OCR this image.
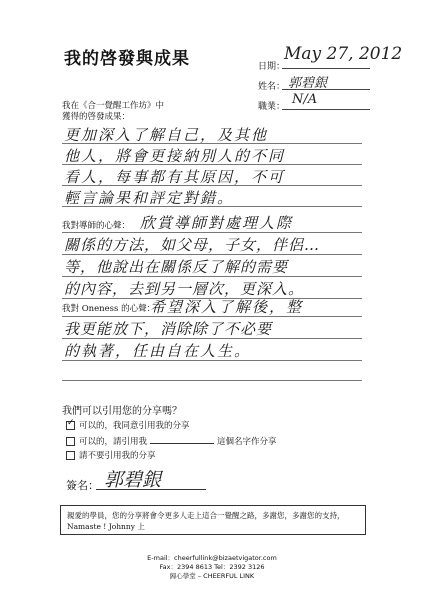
我的啓發與成果	日期：
May 27, 2012
姓名： 郭碧銀
職業： N/A
我在《合一覺醒工作坊》中
獲得的啓發成果：
更加深入了解自己，及其他
他人，將會更接納別人的不同
看人，每事都有其原因，不可
輕言論果和評定對錯。
我對導師的心聲： 欣賞導師對處理人際
關係的方法，如父母，子女，伴侶…
等，他說出在關係反了解的需要
的內容，去到另一層次，更深入。
我對 Oneness 的心聲：
希望深入了解後，整
我更能放下，消除除了不必要
的執著，任由自在人生。
我們可以引用您的分享嗎？
✓ 可以的，我同意引用我的分享
可以的，請引用我	這個名字作分享
請不要引用我的分享
簽名： 郭碧銀
親愛的學員，您的分享將會令更多人走上這合一覺醒之路，多謝您，多謝您的支持，
Namaste ! Johnny 上
E-mail：cheerfullink@bizaetvigator.com
Fax：2394 8613 Tel：2392 3126
歸心學堂 – CHEERFUL LINK
